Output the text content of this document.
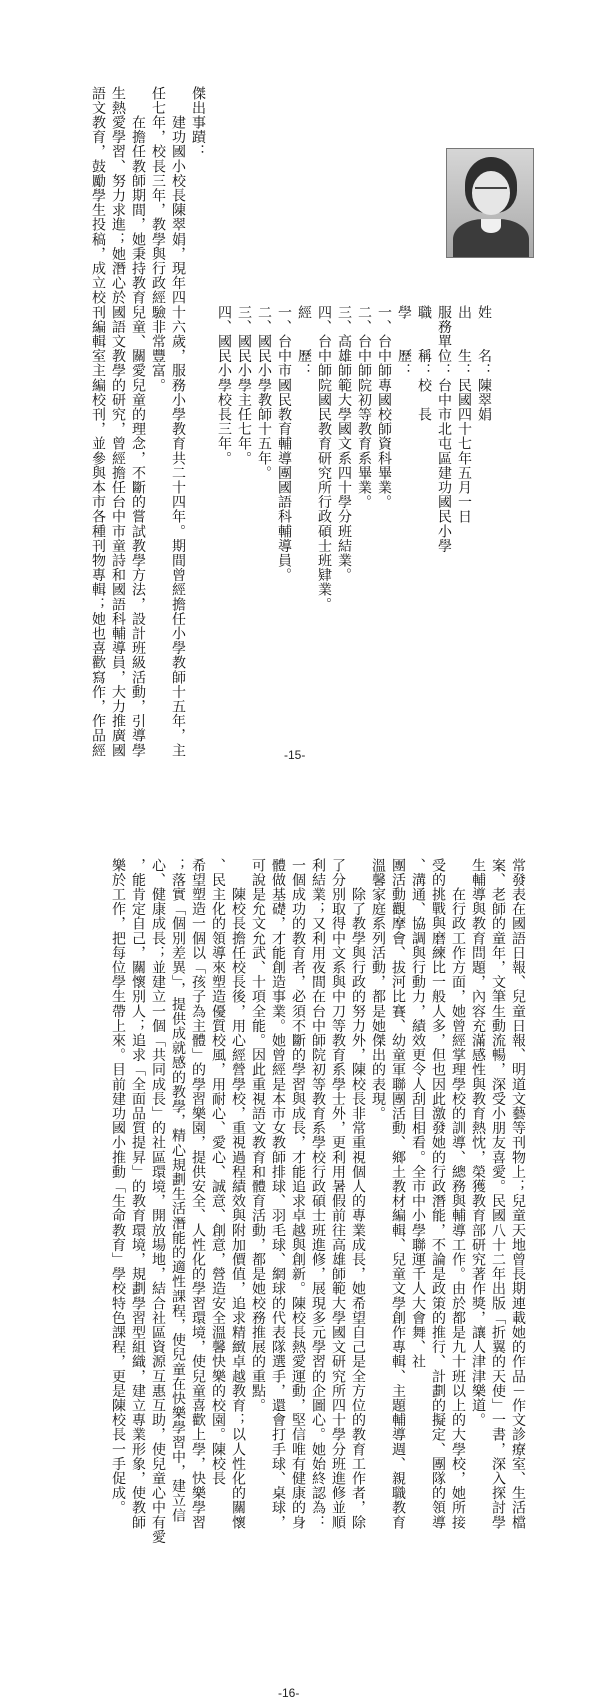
姓　　名：陳翠娟
出　　生：民國四十七年五月一日
服務單位：台中市北屯區建功國民小學
職　　稱：校　長
學　　歷：
一、台中師專國校師資科畢業。
二、台中師院初等教育系畢業。
三、高雄師範大學國文系四十學分班結業。
四、台中師院國民教育研究所行政碩士班肄業。
經　　歷：
一、台中市國民教育輔導團國語科輔導員。
二、國民小學教師十五年。
三、國民小學主任七年。
四、國民小學校長三年。
傑出事蹟：
　　建功國小校長陳翠娟，現年四十六歲，服務小學教育共二十四年。期間曾經擔任小學教師十五年，主
任七年，校長三年，教學與行政經驗非常豐富。
　　在擔任教師期間，她秉持教育兒童、關愛兒童的理念，不斷的嘗試教學方法，設計班級活動，引導學
生熱愛學習、努力求進；她潛心於國語文教學的研究，曾經擔任台中市童詩和國語科輔導員，大力推廣國
語文教育，鼓勵學生投稿，成立校刊編輯室主編校刊，並參與本市各種刊物專輯；她也喜歡寫作，作品經	-15-
常發表在國語日報、兒童日報、明道文藝等刊物上；兒童天地曾長期連載她的作品－作文診療室、生活檔
案、老師的童年，文筆生動流暢，深受小朋友喜愛。民國八十二年出版「折翼的天使」一書，深入探討學
生輔導與教育問題，內容充滿感性與教育熱忱，榮獲教育部研究著作獎，讓人津津樂道。
　　在行政工作方面，她曾經掌理學校的訓導、總務與輔導工作。由於都是九十班以上的大學校，她所接
受的挑戰與磨練比一般人多，但也因此激發她的行政潛能，不論是政策的推行、計劃的擬定、團隊的領導
、溝通、協調與行動力，績效更令人刮目相看。全市中小學聯運千人大會舞、社
團活動觀摩會、拔河比賽、幼童軍聯團活動、鄉土教材編輯、兒童文學創作專輯、主題輔導週、親職教育
溫馨家庭系列活動，都是她傑出的表現。
　　除了教學與行政的努力外，陳校長非常重視個人的專業成長，她希望自己是全方位的教育工作者，除
了分別取得中文系與中刀等教育系學士外，更利用暑假前往高雄師範大學國文研究所四十學分班進修並順
利結業；又利用夜間在台中師院初等教育系學校行政碩士班進修，展現多元學習的企圖心。她始終認為：
一個成功的教育者，必須不斷的學習與成長，才能追求卓越與創新。陳校長熱愛運動，堅信唯有健康的身
體做基礎，才能創造事業。她曾經是本市女教師排球、羽毛球、網球的代表隊選手，還會打手球、桌球，
可說是允文允武、十項全能。因此重視語文教育和體育活動，都是她校務推展的重點。
　　陳校長擔任校長後，用心經營學校，重視過程績效與附加價值，追求精緻卓越教育；以人性化的關懷
、民主化的領導來塑造優質校風，用耐心、愛心、誠意、創意，營造安全溫馨快樂的校園。陳校長
希望塑造一個以「孩子為主體」的學習樂園，提供安全、人性化的學習環境，使兒童喜歡上學，快樂學習
；落實「個別差異」，提供成就感的教學，精心規劃生活潛能的適性課程，使兒童在快樂學習中，建立信
心、健康成長；並建立一個「共同成長」的社區環境，開放場地，結合社區資源互惠互助，使兒童心中有愛
，能肯定自己，關懷別人；追求「全面品質提昇」的教育環境，規劃學習型組織，建立專業形象，使教師
樂於工作，把每位學生帶上來。目前建功國小推動「生命教育」學校特色課程，更是陳校長一手促成。
-16-
